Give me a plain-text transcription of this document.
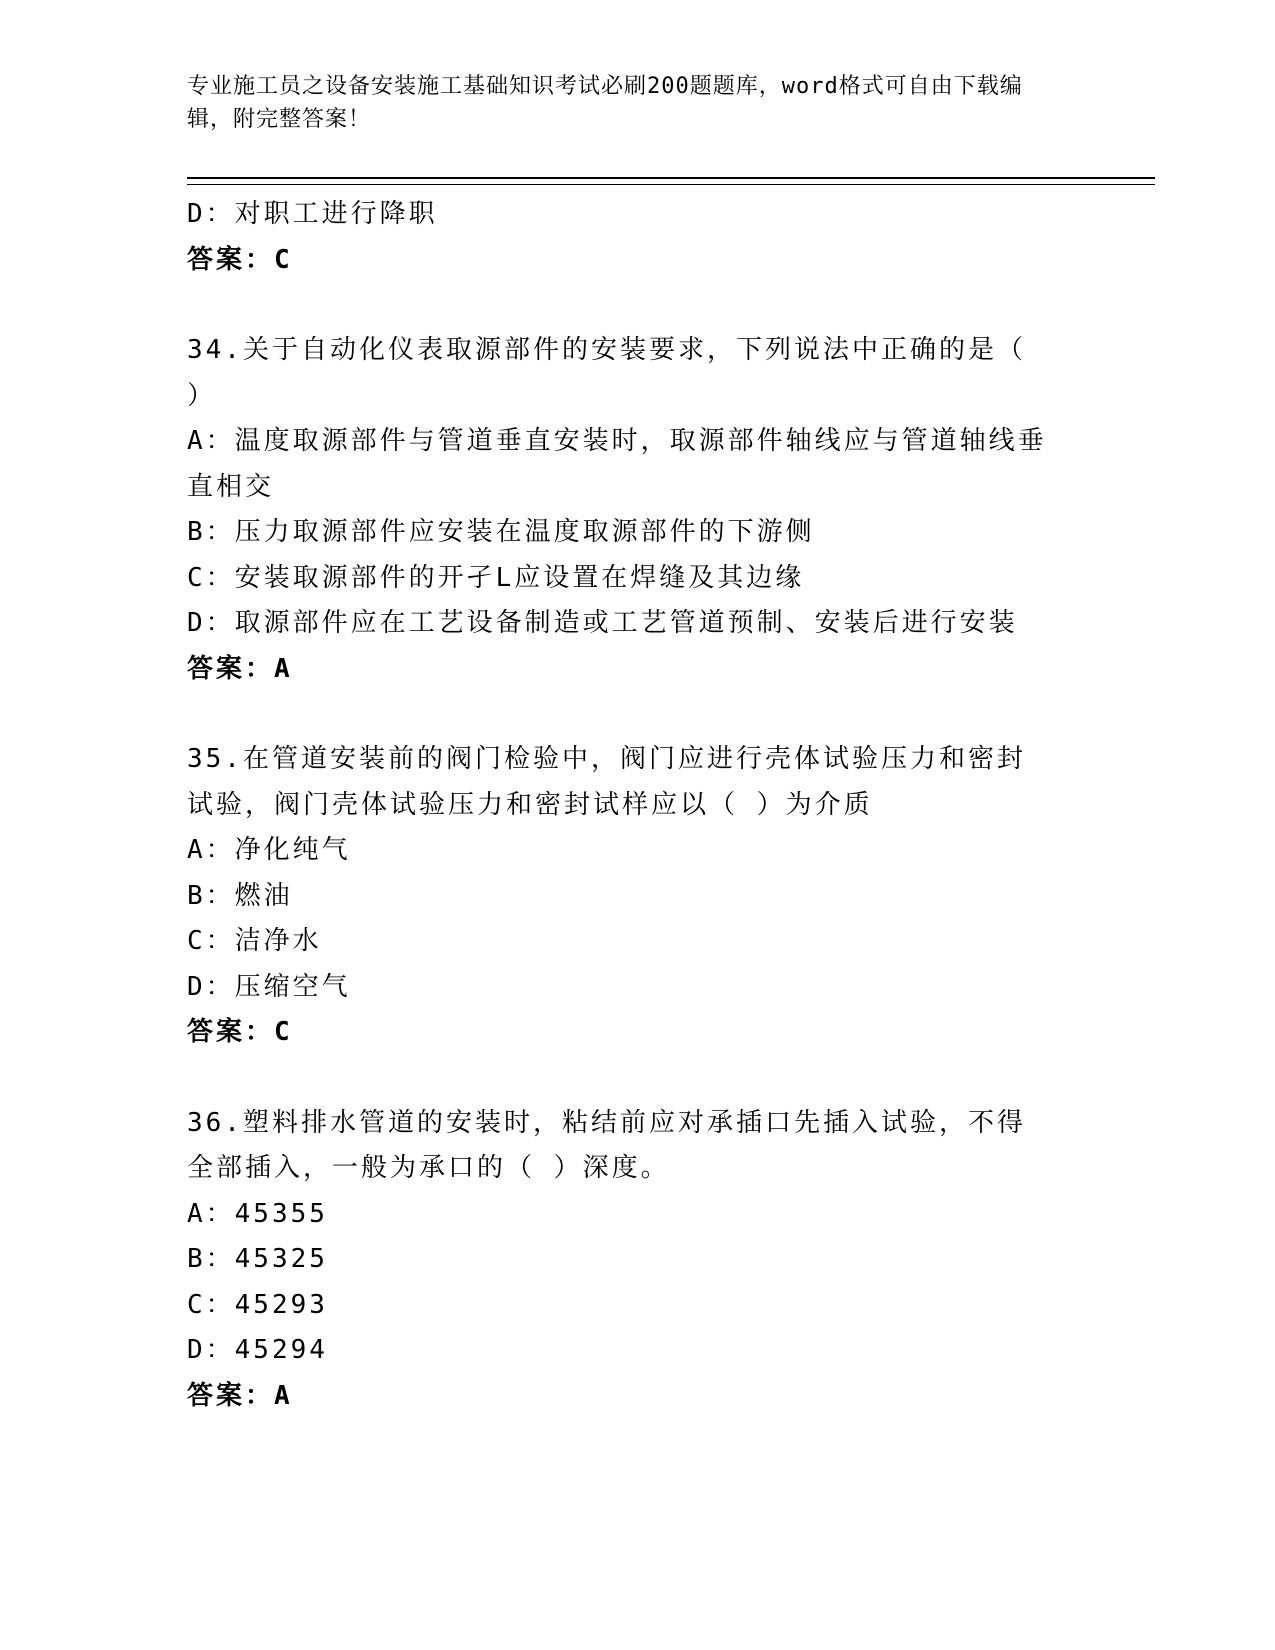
专业施工员之设备安装施工基础知识考试必刷200题题库，word格式可自由下载编辑，附完整答案！
D：对职工进行降职
答案：C
34.关于自动化仪表取源部件的安装要求，下列说法中正确的是（ ）
A：温度取源部件与管道垂直安装时，取源部件轴线应与管道轴线垂直相交
B：压力取源部件应安装在温度取源部件的下游侧
C：安装取源部件的开孑L应设置在焊缝及其边缘
D：取源部件应在工艺设备制造或工艺管道预制、安装后进行安装
答案：A
35.在管道安装前的阀门检验中，阀门应进行壳体试验压力和密封试验，阀门壳体试验压力和密封试样应以（ ）为介质
A：净化纯气
B：燃油
C：洁净水
D：压缩空气
答案：C
36.塑料排水管道的安装时，粘结前应对承插口先插入试验，不得全部插入，一般为承口的（ ）深度。
A：45355
B：45325
C：45293
D：45294
答案：A
